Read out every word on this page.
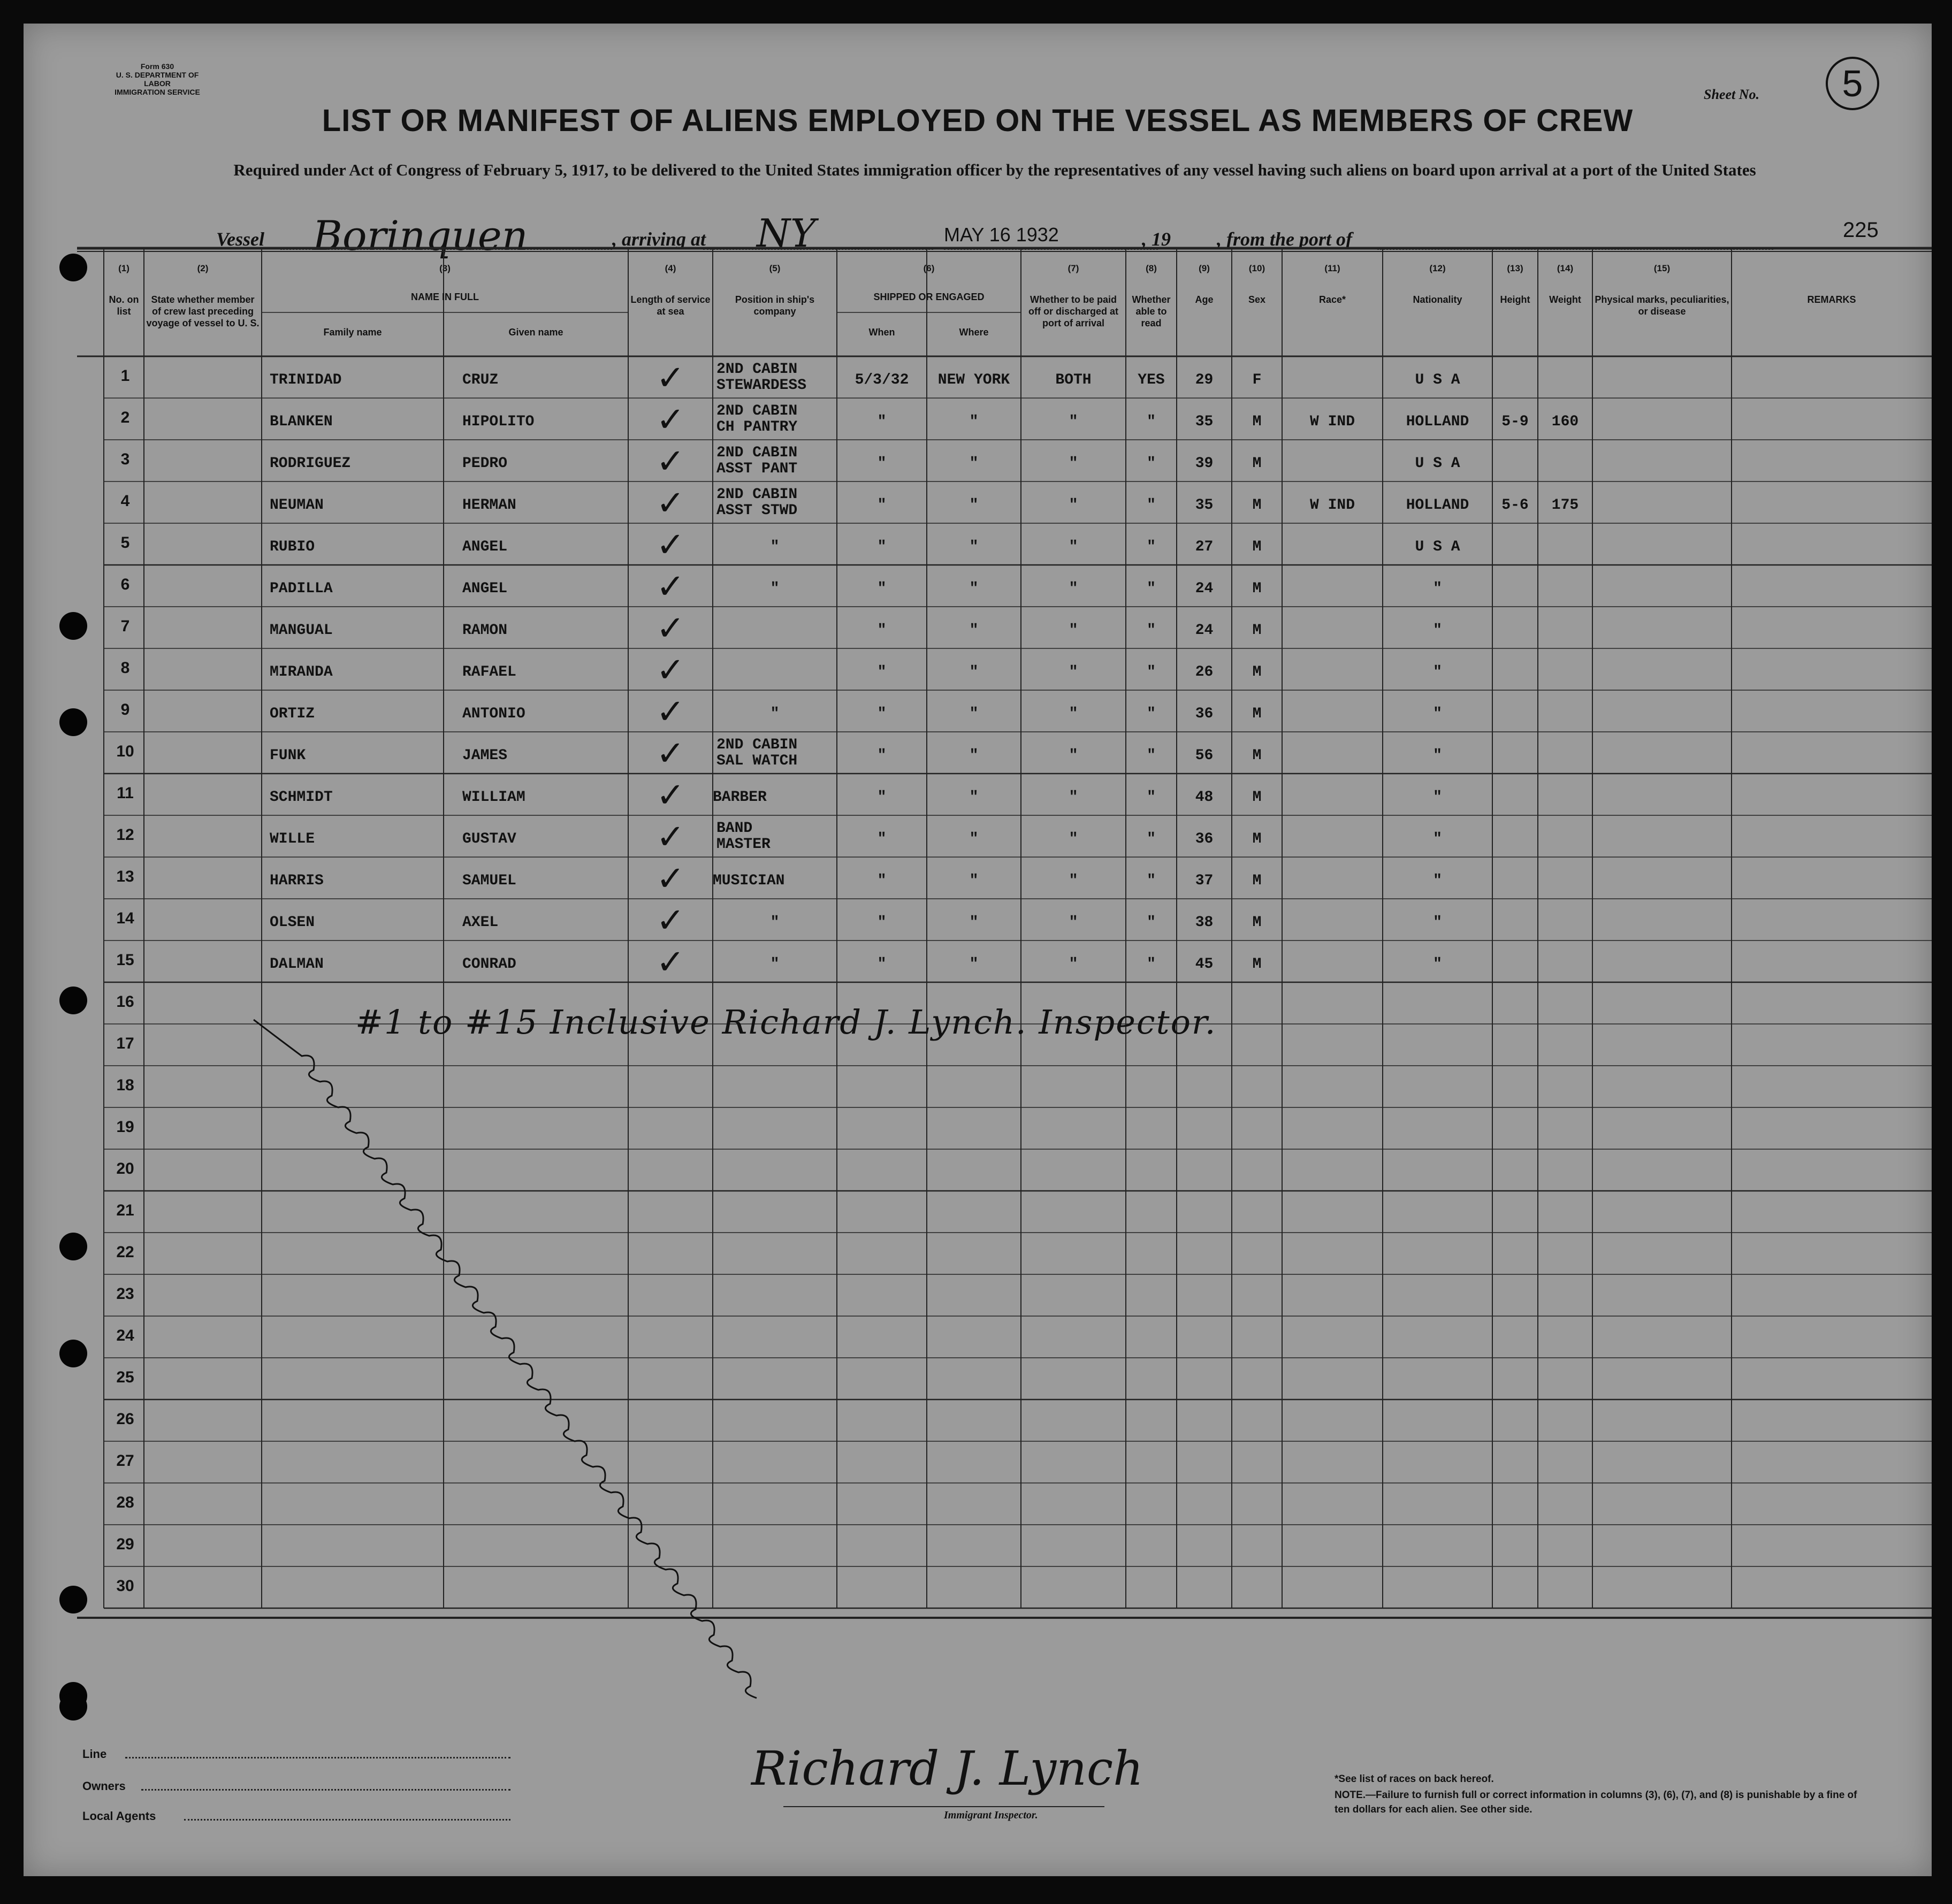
Form 630
U. S. DEPARTMENT OF LABOR
IMMIGRATION SERVICE	Sheet No.	5
LIST OR MANIFEST OF ALIENS EMPLOYED ON THE VESSEL AS MEMBERS OF CREW
Required under Act of Congress of February 5, 1917, to be delivered to the United States immigration officer by the representatives of any vessel having such aliens on board upon arrival at a port of the United States
Vessel Borinquen	, arriving at NY	MAY 16 1932	, 19 , from the port of	225
(1)
No. on list
(2)
State whether member of crew last preceding voyage of vessel to U. S.
(3)
NAME IN FULL
(4)
Length of service at sea
(5)
Position in ship's company
(6)
SHIPPED OR ENGAGED
(7)
Whether to be paid off or discharged at port of arrival
(8)
Whether able to read
(9)
Age
(10)
Sex
(11)
Race*
(12)
Nationality
(13)
Height
(14)
Weight
(15)
Physical marks, peculiarities, or disease
REMARKS
Family name	Given name	When	Where
1	TRINIDAD	CRUZ	✓	2ND CABIN
STEWARDESS	5/3/32	NEW YORK	BOTH	YES	29	F	U S A
2	BLANKEN	HIPOLITO	✓	2ND CABIN
CH PANTRY	"	"	"	"	35	M	W IND	HOLLAND	5-9	160
3	RODRIGUEZ	PEDRO	✓	2ND CABIN
ASST PANT	"	"	"	"	39	M	U S A
4	NEUMAN	HERMAN	✓	2ND CABIN
ASST STWD	"	"	"	"	35	M	W IND	HOLLAND	5-6	175
5	RUBIO	ANGEL	✓	"	"	"	"	"	27	M	U S A
6	PADILLA	ANGEL	✓	"	"	"	"	"	24	M	"
7	MANGUAL	RAMON	✓	"	"	"	"	24	M	"
8	MIRANDA	RAFAEL	✓	"	"	"	"	26	M	"
9	ORTIZ	ANTONIO	✓	"	"	"	"	"	36	M	"
10	FUNK	JAMES	✓	2ND CABIN
SAL WATCH	"	"	"	"	56	M	"
11	SCHMIDT	WILLIAM	✓	BARBER	"	"	"	"	48	M	"
12	WILLE	GUSTAV	✓	BAND
MASTER	"	"	"	"	36	M	"
13	HARRIS	SAMUEL	✓	MUSICIAN	"	"	"	"	37	M	"
14	OLSEN	AXEL	✓	"	"	"	"	"	38	M	"
15	DALMAN	CONRAD	✓	"	"	"	"	"	45	M	"
16
17
18
19
20
21
22
23
24
25
26
27
28
29
30
#1 to #15 Inclusive Richard J. Lynch. Inspector.
Line
Owners
Local Agents
Richard J. Lynch
Immigrant Inspector.
*See list of races on back hereof.
NOTE.—Failure to furnish full or correct information in columns (3), (6), (7), and (8) is punishable by a fine of ten dollars for each alien. See other side.
